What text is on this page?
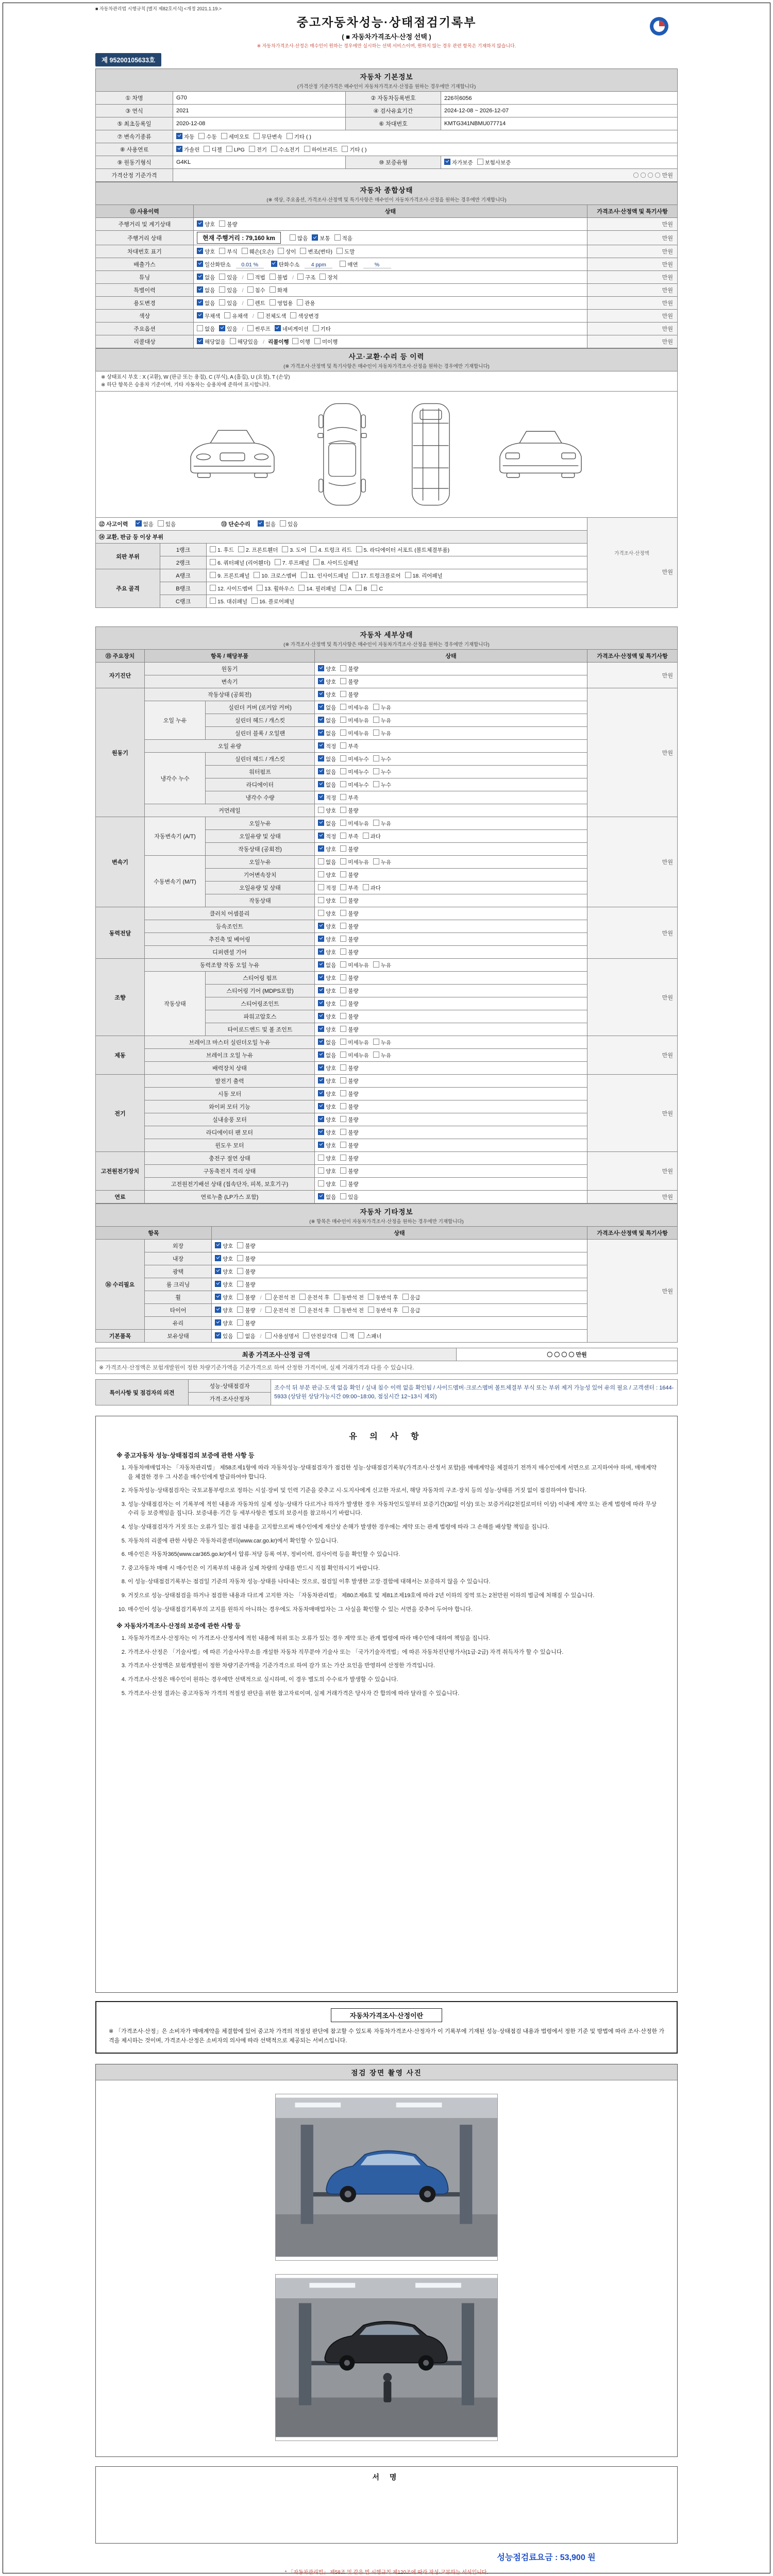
■ 자동차관리법 시행규칙 [별지 제82호서식] <개정 2021.1.19.>
중고자동차성능·상태점검기록부
( ■ 자동차가격조사·산정 선택 )
※ 자동차가격조사·산정은 매수인이 원하는 경우에만 실시하는 선택 서비스이며, 원하지 않는 경우 관련 항목은 기재하지 않습니다.
제 95200105633호
자동차 기본정보
(가격산정 기준가격은 매수인이 자동차가격조사·산정을 원하는 경우에만 기재합니다)
① 차명	G70	② 자동차등록번호	226허6056
③ 연식	2021	④ 검사유효기간	2024-12-08 ~ 2026-12-07
⑤ 최초등록일	2020-12-08	⑥ 차대번호	KMTG341NBMU077714
⑦ 변속기종류	자동 수동 세미오토 무단변속 기타 ( )		
⑧ 사용연료	가솔린 디젤 LPG 전기 수소전기 하이브리드 기타 ( )		
⑨ 원동기형식	G4KL	⑩ 보증유형	자가보증 보험사보증
가격산정 기준가격	〇 〇 〇 〇 만원		
자동차 종합상태
(※ 색상, 주요옵션, 가격조사·산정액 및 특기사항은 매수인이 자동차가격조사·산정을 원하는 경우에만 기재합니다)
⑪ 사용이력	상태	가격조사·산정액 및 특기사항
주행거리 및 계기상태	양호 불량	만원
주행거리 상태	현재 주행거리 : 79,160 km 많음 보통 적음	만원
차대번호 표기	양호 부식 훼손(오손) 상이 변조(변타) 도말	만원
배출가스	일산화탄소 0.01 % 탄화수소 4 ppm 매연 %	만원
튜닝	없음 있음 / 적법 불법 / 구조 장치	만원
특별이력	없음 있음 / 침수 화재	만원
용도변경	없음 있음 / 렌트 영업용 관용	만원
색상	무채색 유채색 / 전체도색 색상변경	만원
주요옵션	없음 있음 / 썬루프 네비게이션 기타	만원
리콜대상	해당없음 해당있음 / 리콜이행 이행 미이행	만원
사고·교환·수리 등 이력
(※ 가격조사·산정액 및 특기사항은 매수인이 자동차가격조사·산정을 원하는 경우에만 기재합니다)
※ 상태표시 부호 : X (교환), W (판금 또는 용접), C (부식), A (흠집), U (요철), T (손상)
※ 하단 항목은 승용차 기준이며, 기타 자동차는 승용차에 준하여 표시합니다.
⑫ 사고이력	없음 있음	⑬ 단순수리	없음 있음

가격조사·산정액
만원

⑭ 교환, 판금 등 이상 부위			
외판 부위	1랭크	1. 후드 2. 프론트휀더 3. 도어 4. 트렁크 리드 5. 라디에이터 서포트 (볼트체결부품)	
	2랭크	6. 쿼터패널 (리어휀더) 7. 루프패널 8. 사이드실패널	
주요 골격	A랭크	9. 프론트패널 10. 크로스멤버 11. 인사이드패널 17. 트렁크플로어 18. 리어패널	
	B랭크	12. 사이드멤버 13. 휠하우스 14. 필러패널 A B C	
	C랭크	15. 대쉬패널 16. 플로어패널	
자동차 세부상태
(※ 가격조사·산정액 및 특기사항은 매수인이 자동차가격조사·산정을 원하는 경우에만 기재합니다)
⑮ 주요장치	항목 / 해당부품		상태	가격조사·산정액 및 특기사항
자기진단	원동기		양호 불량	만원
	변속기		양호 불량	
원동기	작동상태 (공회전)		양호 불량	만원
	오일 누유	실린더 커버 (로커암 커버)	없음 미세누유 누유	
		실린더 헤드 / 개스킷	없음 미세누유 누유	
		실린더 블록 / 오일팬	없음 미세누유 누유	
	오일 유량		적정 부족	
	냉각수 누수	실린더 헤드 / 개스킷	없음 미세누수 누수	
		워터펌프	없음 미세누수 누수	
		라디에이터	없음 미세누수 누수	
		냉각수 수량	적정 부족	
	커먼레일		양호 불량	
변속기	자동변속기 (A/T)	오일누유	없음 미세누유 누유	만원
		오일유량 및 상태	적정 부족 과다	
		작동상태 (공회전)	양호 불량	
	수동변속기 (M/T)	오일누유	없음 미세누유 누유	
		기어변속장치	양호 불량	
		오일유량 및 상태	적정 부족 과다	
		작동상태	양호 불량	
동력전달	클러치 어셈블리		양호 불량	만원
	등속조인트		양호 불량	
	추진축 및 베어링		양호 불량	
	디퍼렌셜 기어		양호 불량	
조향	동력조향 작동 오일 누유		없음 미세누유 누유	만원
	작동상태	스티어링 펌프	양호 불량	
		스티어링 기어 (MDPS포함)	양호 불량	
		스티어링조인트	양호 불량	
		파워고압호스	양호 불량	
		타이로드엔드 및 볼 조인트	양호 불량	
제동	브레이크 마스터 실린더오일 누유		없음 미세누유 누유	만원
	브레이크 오일 누유		없음 미세누유 누유	
	배력장치 상태		양호 불량	
전기	발전기 출력		양호 불량	만원
	시동 모터		양호 불량	
	와이퍼 모터 기능		양호 불량	
	실내송풍 모터		양호 불량	
	라디에이터 팬 모터		양호 불량	
	윈도우 모터		양호 불량	
고전원전기장치	충전구 절연 상태		양호 불량	만원
	구동축전지 격리 상태		양호 불량	
	고전원전기배선 상태 (접속단자, 피복, 보호기구)		양호 불량	
연료	연료누출 (LP가스 포함)		없음 있음	만원
자동차 기타정보
(※ 항목은 매수인이 자동차가격조사·산정을 원하는 경우에만 기재합니다)
항목		상태	가격조사·산정액 및 특기사항
⑯ 수리필요	외장	양호 불량	만원
	내장	양호 불량	
	광택	양호 불량	
	룸 크리닝	양호 불량	
	휠	양호 불량 / 운전석 전 운전석 후 동반석 전 동반석 후 응급	
	타이어	양호 불량 / 운전석 전 운전석 후 동반석 전 동반석 후 응급	
	유리	양호 불량	
기본품목	보유상태	있음 없음 / 사용설명서 안전삼각대 잭 스패너	
최종 가격조사·산정 금액	〇 〇 〇 〇 만원
※ 가격조사·산정액은 보험개발원이 정한 차량기준가액을 기준가격으로 하여 산정한 가격이며, 실제 거래가격과 다를 수 있습니다.
특이사항 및 점검자의 의견	성능·상태점검자	조수석 뒤 부분 판금·도색 없음 확인 / 실내 침수 이력 없음 확인됨 / 사이드멤버·크로스멤버 볼트체결부 부식 또는 부위 제거 가능성 있어 유의 필요 / 고객센터 : 1644-5933 (상담원 상담가능시간 09:00~18:00, 점심시간 12~13시 제외)
가격·조사산정자
유 의 사 항
※ 중고자동차 성능·상태점검의 보증에 관한 사항 등
1. 자동차매매업자는 「자동차관리법」 제58조제1항에 따라 자동차성능·상태점검자가 점검한 성능·상태점검기록부(가격조사·산정서 포함)를 매매계약을 체결하기 전까지 매수인에게 서면으로 고지하여야 하며, 매매계약을 체결한 경우 그 사본을 매수인에게 발급하여야 합니다.
2. 자동차성능·상태점검자는 국토교통부령으로 정하는 시설·장비 및 인력 기준을 갖추고 시·도지사에게 신고한 자로서, 해당 자동차의 구조·장치 등의 성능·상태를 거짓 없이 점검하여야 합니다.
3. 성능·상태점검자는 이 기록부에 적힌 내용과 자동차의 실제 성능·상태가 다르거나 하자가 발생한 경우 자동차인도일부터 보증기간(30일 이상) 또는 보증거리(2천킬로미터 이상) 이내에 계약 또는 관계 법령에 따라 무상수리 등 보증책임을 집니다. 보증내용·기간 등 세부사항은 별도의 보증서를 참고하시기 바랍니다.
4. 성능·상태점검자가 거짓 또는 오류가 있는 점검 내용을 고지함으로써 매수인에게 재산상 손해가 발생한 경우에는 계약 또는 관계 법령에 따라 그 손해를 배상할 책임을 집니다.
5. 자동차의 리콜에 관한 사항은 자동차리콜센터(www.car.go.kr)에서 확인할 수 있습니다.
6. 매수인은 자동차365(www.car365.go.kr)에서 압류·저당 등록 여부, 정비이력, 검사이력 등을 확인할 수 있습니다.
7. 중고자동차 매매 시 매수인은 이 기록부의 내용과 실제 차량의 상태를 반드시 직접 확인하시기 바랍니다.
8. 이 성능·상태점검기록부는 점검일 기준의 자동차 성능·상태를 나타내는 것으로, 점검일 이후 발생한 고장·결함에 대해서는 보증하지 않을 수 있습니다.
9. 거짓으로 성능·상태점검을 하거나 점검한 내용과 다르게 고지한 자는 「자동차관리법」 제80조제6호 및 제81조제19호에 따라 2년 이하의 징역 또는 2천만원 이하의 벌금에 처해질 수 있습니다.
10. 매수인이 성능·상태점검기록부의 고지를 원하지 아니하는 경우에도 자동차매매업자는 그 사실을 확인할 수 있는 서면을 갖추어 두어야 합니다.
※ 자동차가격조사·산정의 보증에 관한 사항 등
1. 자동차가격조사·산정자는 이 가격조사·산정서에 적힌 내용에 허위 또는 오류가 있는 경우 계약 또는 관계 법령에 따라 매수인에 대하여 책임을 집니다.
2. 가격조사·산정은 「기술사법」에 따른 기술사사무소를 개설한 자동차 직무분야 기술사 또는 「국가기술자격법」에 따른 자동차진단평가사(1급·2급) 자격 취득자가 할 수 있습니다.
3. 가격조사·산정액은 보험개발원이 정한 차량기준가액을 기준가격으로 하여 감가 또는 가산 요인을 반영하여 산정한 가격입니다.
4. 가격조사·산정은 매수인이 원하는 경우에만 선택적으로 실시하며, 이 경우 별도의 수수료가 발생할 수 있습니다.
5. 가격조사·산정 결과는 중고자동차 가격의 적절성 판단을 위한 참고자료이며, 실제 거래가격은 당사자 간 합의에 따라 달라질 수 있습니다.
자동차가격조사·산정이란
※ 「가격조사·산정」은 소비자가 매매계약을 체결함에 있어 중고차 가격의 적절성 판단에 참고할 수 있도록 자동차가격조사·산정자가 이 기록부에 기재된 성능·상태점검 내용과 법령에서 정한 기준 및 방법에 따라 조사·산정한 가격을 제시하는 것이며, 가격조사·산정은 소비자의 의사에 따라 선택적으로 제공되는 서비스입니다.
점검 장면 촬영 사진
서 명
성능점검료요금 : 53,900 원
* 「자동차관리법」 제58조 및 같은 법 시행규칙 제120조에 따라 작성·교부하는 서식입니다.
